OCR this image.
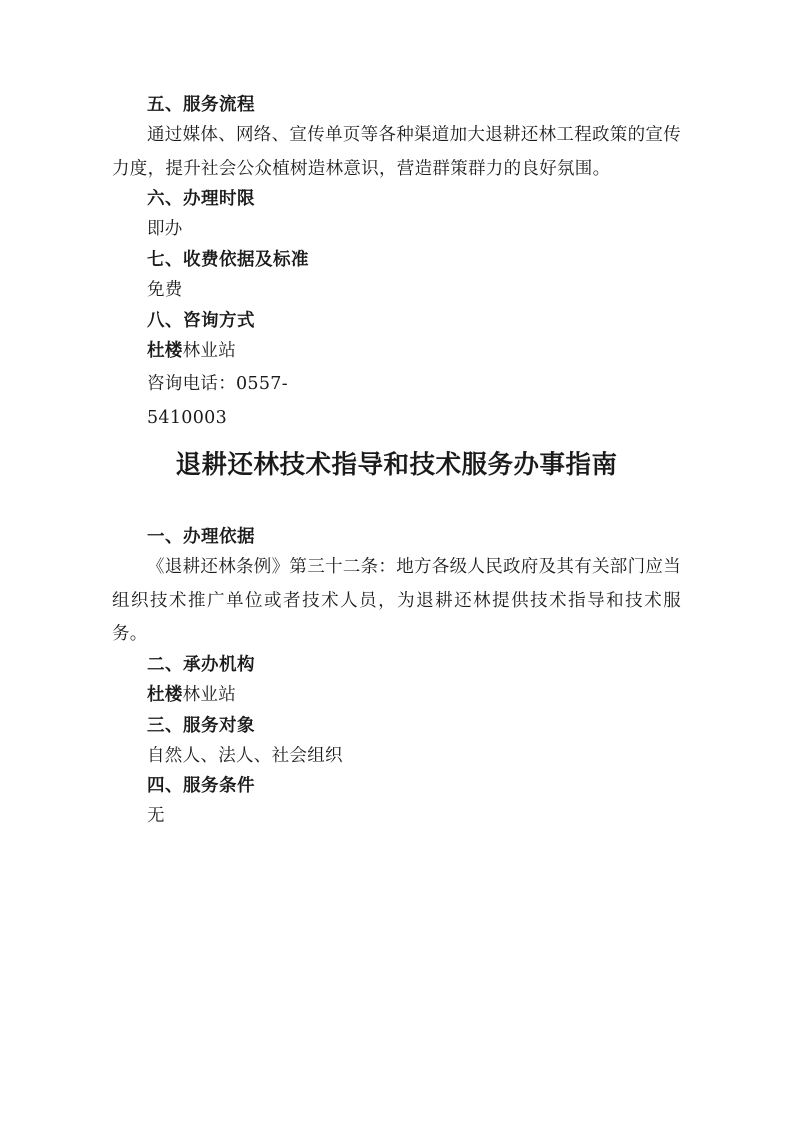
五、服务流程

通过媒体、网络、宣传单页等各种渠道加大退耕还林工程政策的宣传力度，提升社会公众植树造林意识，营造群策群力的良好氛围。

六、办理时限

即办

七、收费依据及标准

免费

八、咨询方式

杜楼林业站

咨询电话：0557-

5410003

退耕还林技术指导和技术服务办事指南

一、办理依据

《退耕还林条例》第三十二条：地方各级人民政府及其有关部门应当组织技术推广单位或者技术人员，为退耕还林提供技术指导和技术服务。

二、承办机构

杜楼林业站

三、服务对象

自然人、法人、社会组织

四、服务条件

无
